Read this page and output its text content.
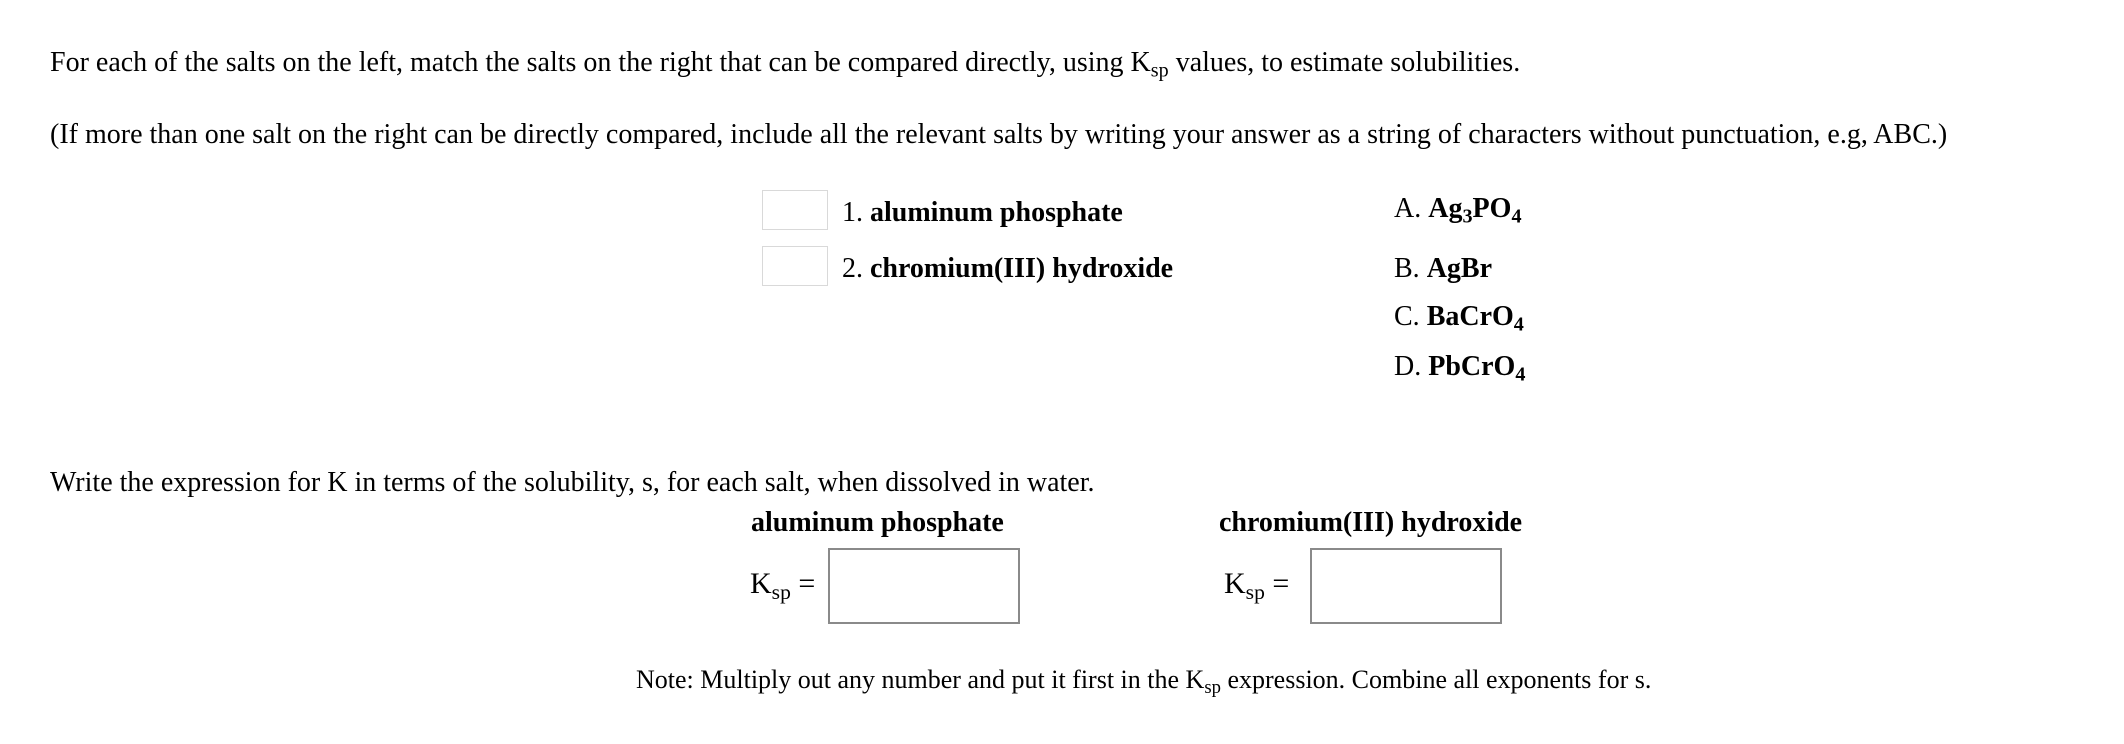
For each of the salts on the left, match the salts on the right that can be compared directly, using $K_{sp}$ values, to estimate solubilities.
(If more than one salt on the right can be directly compared, include all the relevant salts by writing your answer as a string of characters without punctuation, e.g, ABC.)
1. aluminum phosphate
2. chromium(III) hydroxide
A. $Ag_3PO_4$
B. AgBr
C. BaCrO$_4$
D. PbCrO$_4$
Write the expression for K in terms of the solubility, s, for each salt, when dissolved in water.
aluminum phosphate	chromium(III) hydroxide
$K_{sp}$ =	$K_{sp}$ =
Note: Multiply out any number and put it first in the $K_{sp}$ expression. Combine all exponents for s.
